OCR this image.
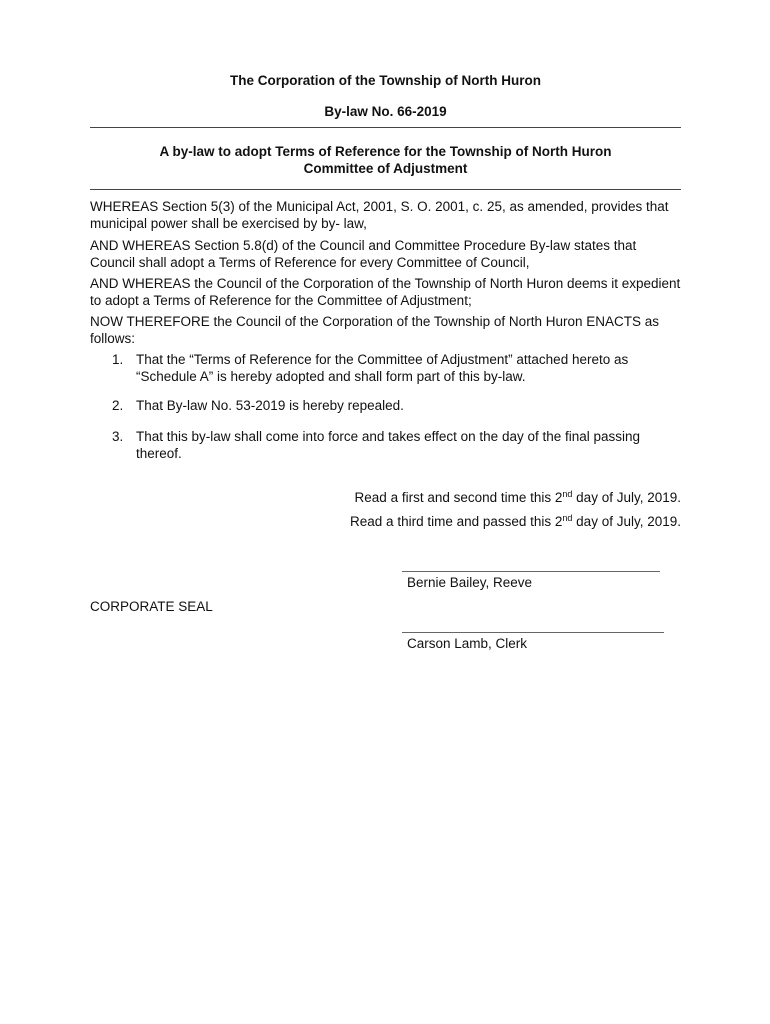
The Corporation of the Township of North Huron
By-law No. 66-2019
A by-law to adopt Terms of Reference for the Township of North Huron
Committee of Adjustment
WHEREAS Section 5(3) of the Municipal Act, 2001, S. O. 2001, c. 25, as amended, provides that municipal power shall be exercised by by- law,
AND WHEREAS Section 5.8(d) of the Council and Committee Procedure By-law states that Council shall adopt a Terms of Reference for every Committee of Council,
AND WHEREAS the Council of the Corporation of the Township of North Huron deems it expedient to adopt a Terms of Reference for the Committee of Adjustment;
NOW THEREFORE the Council of the Corporation of the Township of North Huron ENACTS as follows:
1. That the “Terms of Reference for the Committee of Adjustment” attached hereto as “Schedule A” is hereby adopted and shall form part of this by-law.
2. That By-law No. 53-2019 is hereby repealed.
3. That this by-law shall come into force and takes effect on the day of the final passing thereof.
Read a first and second time this 2nd day of July, 2019.
Read a third time and passed this 2nd day of July, 2019.
Bernie Bailey, Reeve
CORPORATE SEAL
Carson Lamb, Clerk
